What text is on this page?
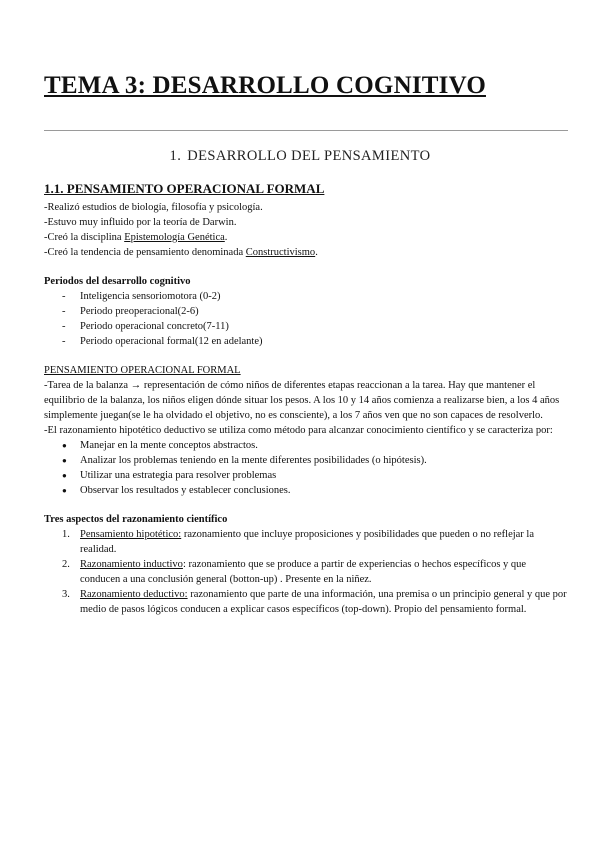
TEMA 3: DESARROLLO COGNITIVO
1. DESARROLLO DEL PENSAMIENTO
1.1. PENSAMIENTO OPERACIONAL FORMAL

-Realizó estudios de biología, filosofía y psicología.

-Estuvo muy influido por la teoría de Darwin.

-Creó la disciplina Epistemología Genética.

-Creó la tendencia de pensamiento denominada Constructivismo.

Periodos del desarrollo cognitivo

- Inteligencia sensoriomotora (0-2)
- Periodo preoperacional(2-6)
- Periodo operacional concreto(7-11)
- Periodo operacional formal(12 en adelante)

PENSAMIENTO OPERACIONAL FORMAL

-Tarea de la balanza → representación de cómo niños de diferentes etapas reaccionan a la tarea. Hay que mantener el equilibrio de la balanza, los niños eligen dónde situar los pesos. A los 10 y 14 años comienza a realizarse bien, a los 4 años simplemente juegan(se le ha olvidado el objetivo, no es consciente), a los 7 años ven que no son capaces de resolverlo.

-El razonamiento hipotético deductivo se utiliza como método para alcanzar conocimiento científico y se caracteriza por:

● Manejar en la mente conceptos abstractos.
● Analizar los problemas teniendo en la mente diferentes posibilidades (o hipótesis).
● Utilizar una estrategia para resolver problemas
● Observar los resultados y establecer conclusiones.

Tres aspectos del razonamiento científico

1. Pensamiento hipotético: razonamiento que incluye proposiciones y posibilidades que pueden o no reflejar la realidad.
2. Razonamiento inductivo: razonamiento que se produce a partir de experiencias o hechos específicos y que conducen a una conclusión general (botton-up) . Presente en la niñez.
3. Razonamiento deductivo: razonamiento que parte de una información, una premisa o un principio general y que por medio de pasos lógicos conducen a explicar casos específicos (top-down). Propio del pensamiento formal.
